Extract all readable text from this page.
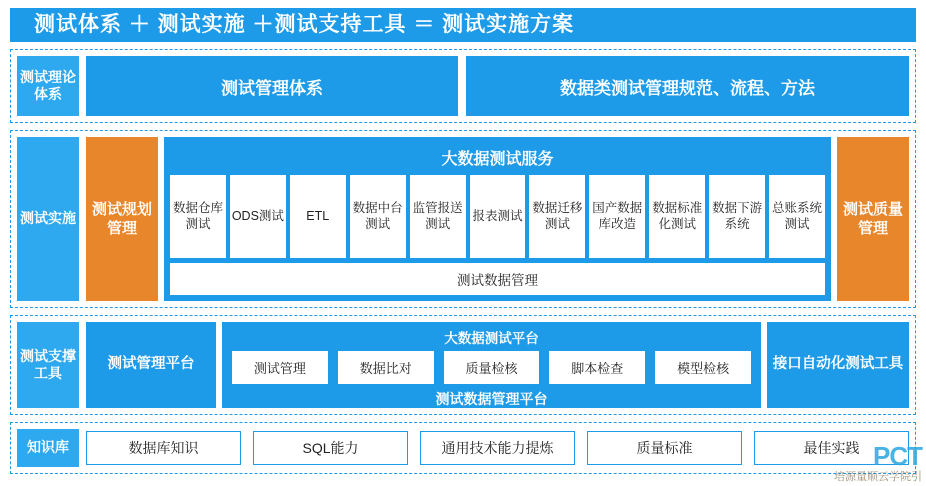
测试体系 ＋ 测试实施 ＋测试支持工具 ＝ 测试实施方案
测试理论体系	测试管理体系	数据类测试管理规范、流程、方法
测试实施
测试规划管理
大数据测试服务
数据仓库测试
ODS测试	ETL
数据中台测试
监管报送测试
报表测试
数据迁移测试
国产数据库改造
数据标准化测试
数据下游系统
总账系统测试
测试数据管理
测试质量管理
测试支撑工具
测试管理平台
大数据测试平台
测试管理	数据比对	质量检核	脚本检查	模型检核
测试数据管理平台
接口自动化测试工具
知识库	数据库知识	SQL能力	通用技术能力提炼	质量标准	最佳实践 PCT
培源量顺云学院引
